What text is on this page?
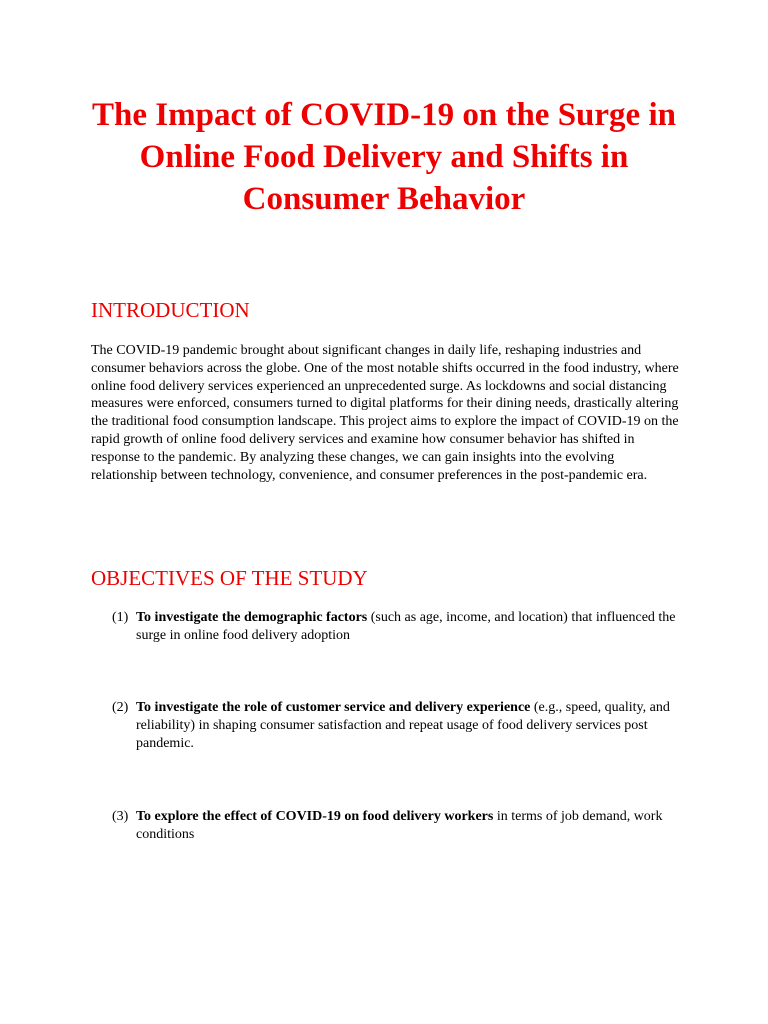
The Impact of COVID-19 on the Surge in Online Food Delivery and Shifts in Consumer Behavior
INTRODUCTION

The COVID-19 pandemic brought about significant changes in daily life, reshaping industries and consumer behaviors across the globe. One of the most notable shifts occurred in the food industry, where online food delivery services experienced an unprecedented surge. As lockdowns and social distancing measures were enforced, consumers turned to digital platforms for their dining needs, drastically altering the traditional food consumption landscape. This project aims to explore the impact of COVID-19 on the rapid growth of online food delivery services and examine how consumer behavior has shifted in response to the pandemic. By analyzing these changes, we can gain insights into the evolving relationship between technology, convenience, and consumer preferences in the post-pandemic era.

OBJECTIVES OF THE STUDY
(1) To investigate the demographic factors (such as age, income, and location) that influenced the surge in online food delivery adoption
(2) To investigate the role of customer service and delivery experience (e.g., speed, quality, and reliability) in shaping consumer satisfaction and repeat usage of food delivery services post pandemic.
(3) To explore the effect of COVID-19 on food delivery workers in terms of job demand, work conditions
